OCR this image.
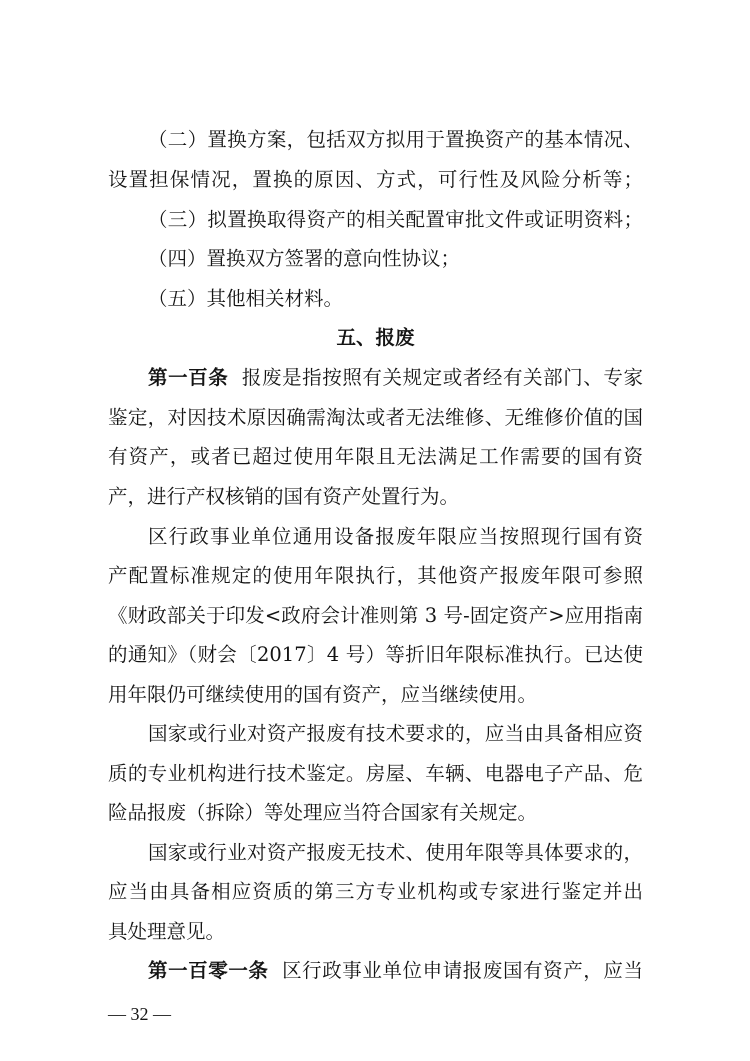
（二）置换方案，包括双方拟用于置换资产的基本情况、
设置担保情况，置换的原因、方式，可行性及风险分析等；
（三）拟置换取得资产的相关配置审批文件或证明资料；
（四）置换双方签署的意向性协议；
（五）其他相关材料。
五、报废
第一百条 报废是指按照有关规定或者经有关部门、专家
鉴定，对因技术原因确需淘汰或者无法维修、无维修价值的国
有资产，或者已超过使用年限且无法满足工作需要的国有资
产，进行产权核销的国有资产处置行为。
区行政事业单位通用设备报废年限应当按照现行国有资
产配置标准规定的使用年限执行，其他资产报废年限可参照
《财政部关于印发<政府会计准则第 3 号-固定资产>应用指南
的通知》（财会〔2017〕4 号）等折旧年限标准执行。已达使
用年限仍可继续使用的国有资产，应当继续使用。
国家或行业对资产报废有技术要求的，应当由具备相应资
质的专业机构进行技术鉴定。房屋、车辆、电器电子产品、危
险品报废（拆除）等处理应当符合国家有关规定。
国家或行业对资产报废无技术、使用年限等具体要求的，
应当由具备相应资质的第三方专业机构或专家进行鉴定并出
具处理意见。
第一百零一条 区行政事业单位申请报废国有资产，应当
— 32 —
